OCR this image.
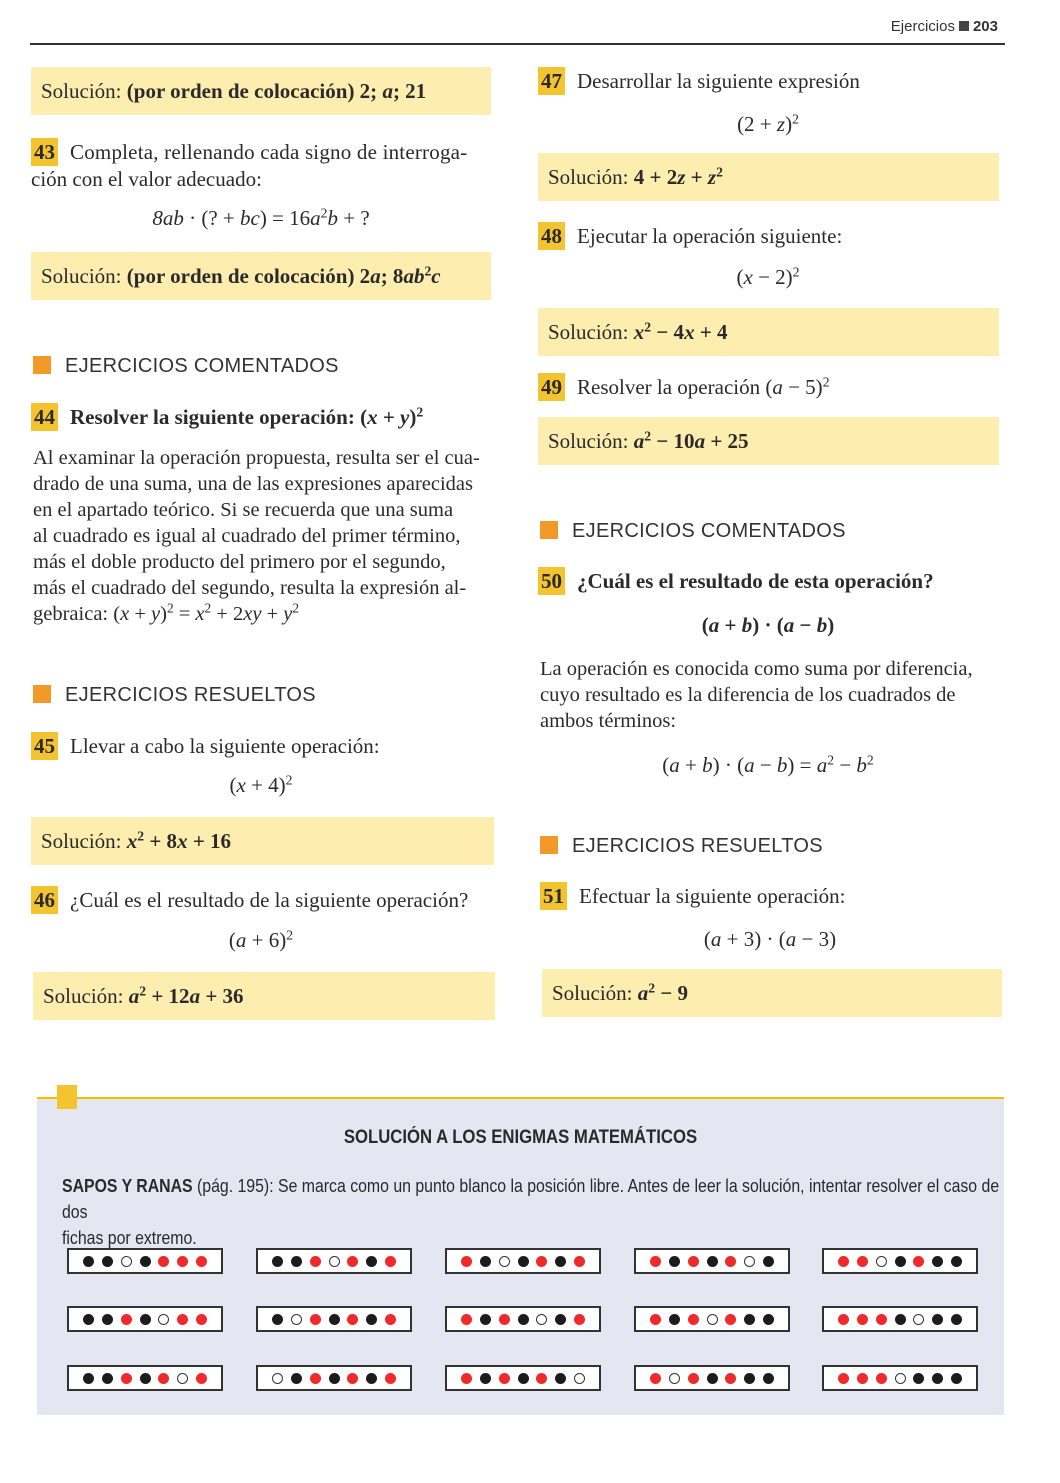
Ejercicios 203
Solución: (por orden de colocación) 2; a; 21
43 Completa, rellenando cada signo de interroga-
ción con el valor adecuado:
8ab · (? + $bc) = 16a^2b$ + ?
Solución: (por orden de colocación) 2a; $8ab^2c$
EJERCICIOS COMENTADOS
44 Resolver la siguiente operación: $(x + y)^2$
Al examinar la operación propuesta, resulta ser el cua-
drado de una suma, una de las expresiones aparecidas
en el apartado teórico. Si se recuerda que una suma
al cuadrado es igual al cuadrado del primer término,
más el doble producto del primero por el segundo,
más el cuadrado del segundo, resulta la expresión al-
gebraica: $(x + y)^2 = x^2 + 2xy + y^2$
EJERCICIOS RESUELTOS
45 Llevar a cabo la siguiente operación:
$(x + 4)^2$
Solución: $x^2 + 8x + 16$
46 ¿Cuál es el resultado de la siguiente operación?
$(a + 6)^2$
Solución: $a^2 + 12a + 36$
47 Desarrollar la siguiente expresión
$(2 + z)^2$
Solución: $4 + 2z + z^2$
48 Ejecutar la operación siguiente:
$(x - 2)^2$
Solución: $x^2 - 4x + 4$
49 Resolver la operación $(a - 5)^2$
Solución: $a^2 - 10a + 25$
EJERCICIOS COMENTADOS
50 ¿Cuál es el resultado de esta operación?
(a + b) · (a − b)
La operación es conocida como suma por diferencia,
cuyo resultado es la diferencia de los cuadrados de
ambos términos:
$(a + b) \cdot (a - b) = a^2 - b^2$
EJERCICIOS RESUELTOS
51 Efectuar la siguiente operación:
(a + 3) · (a − 3)
Solución: $a^2 - 9$
SOLUCIÓN A LOS ENIGMAS MATEMÁTICOS
SAPOS Y RANAS (pág. 195): Se marca como un punto blanco la posición libre. Antes de leer la solución, intentar resolver el caso de dos
fichas por extremo.
